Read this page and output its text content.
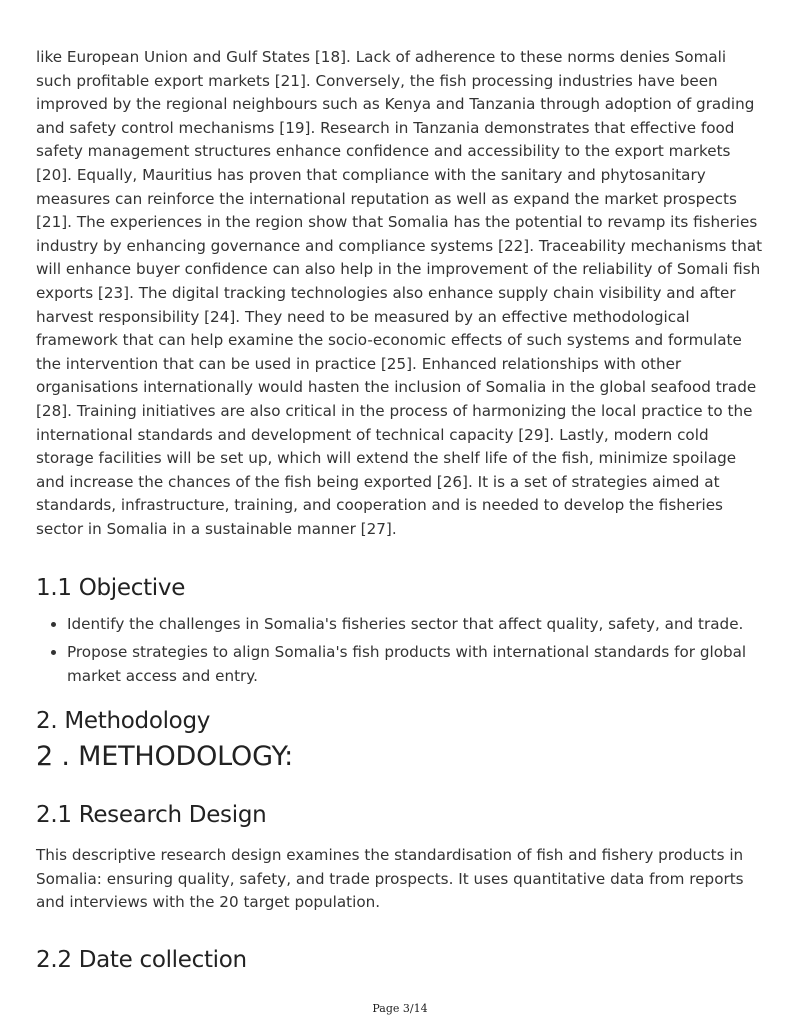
like European Union and Gulf States [18]. Lack of adherence to these norms denies Somali such profitable export markets [21]. Conversely, the fish processing industries have been improved by the regional neighbours such as Kenya and Tanzania through adoption of grading and safety control mechanisms [19]. Research in Tanzania demonstrates that effective food safety management structures enhance confidence and accessibility to the export markets [20]. Equally, Mauritius has proven that compliance with the sanitary and phytosanitary measures can reinforce the international reputation as well as expand the market prospects [21]. The experiences in the region show that Somalia has the potential to revamp its fisheries industry by enhancing governance and compliance systems [22]. Traceability mechanisms that will enhance buyer confidence can also help in the improvement of the reliability of Somali fish exports [23]. The digital tracking technologies also enhance supply chain visibility and after harvest responsibility [24]. They need to be measured by an effective methodological framework that can help examine the socio-economic effects of such systems and formulate the intervention that can be used in practice [25]. Enhanced relationships with other organisations internationally would hasten the inclusion of Somalia in the global seafood trade [28]. Training initiatives are also critical in the process of harmonizing the local practice to the international standards and development of technical capacity [29]. Lastly, modern cold storage facilities will be set up, which will extend the shelf life of the fish, minimize spoilage and increase the chances of the fish being exported [26]. It is a set of strategies aimed at standards, infrastructure, training, and cooperation and is needed to develop the fisheries sector in Somalia in a sustainable manner [27].

1.1 Objective
• Identify the challenges in Somalia's fisheries sector that affect quality, safety, and trade.
• Propose strategies to align Somalia's fish products with international standards for global market access and entry.
2. Methodology
2 . METHODOLOGY:
2.1 Research Design

This descriptive research design examines the standardisation of fish and fishery products in Somalia: ensuring quality, safety, and trade prospects. It uses quantitative data from reports and interviews with the 20 target population.

2.2 Date collection
Page 3/14
